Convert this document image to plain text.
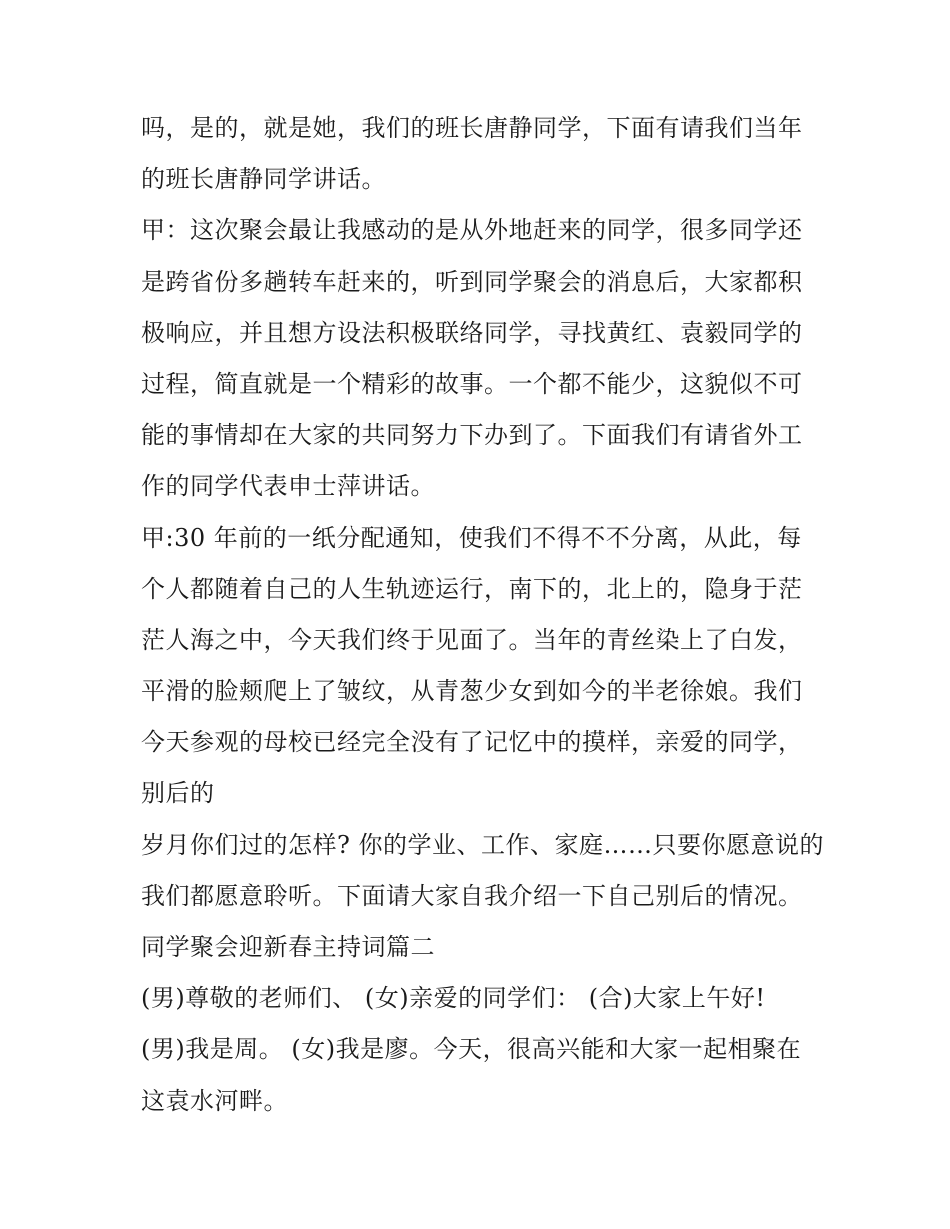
吗，是的，就是她，我们的班长唐静同学，下面有请我们当年
的班长唐静同学讲话。
甲：这次聚会最让我感动的是从外地赶来的同学，很多同学还
是跨省份多趟转车赶来的，听到同学聚会的消息后，大家都积
极响应，并且想方设法积极联络同学，寻找黄红、袁毅同学的
过程，简直就是一个精彩的故事。一个都不能少，这貌似不可
能的事情却在大家的共同努力下办到了。下面我们有请省外工
作的同学代表申士萍讲话。
甲:30 年前的一纸分配通知，使我们不得不不分离，从此，每
个人都随着自己的人生轨迹运行，南下的，北上的，隐身于茫
茫人海之中，今天我们终于见面了。当年的青丝染上了白发，
平滑的脸颊爬上了皱纹，从青葱少女到如今的半老徐娘。我们
今天参观的母校已经完全没有了记忆中的摸样，亲爱的同学，
别后的
岁月你们过的怎样? 你的学业、工作、家庭……只要你愿意说的
我们都愿意聆听。下面请大家自我介绍一下自己别后的情况。
同学聚会迎新春主持词篇二
(男)尊敬的老师们、 (女)亲爱的同学们： (合)大家上午好!
(男)我是周。 (女)我是廖。今天，很高兴能和大家一起相聚在
这袁水河畔。
